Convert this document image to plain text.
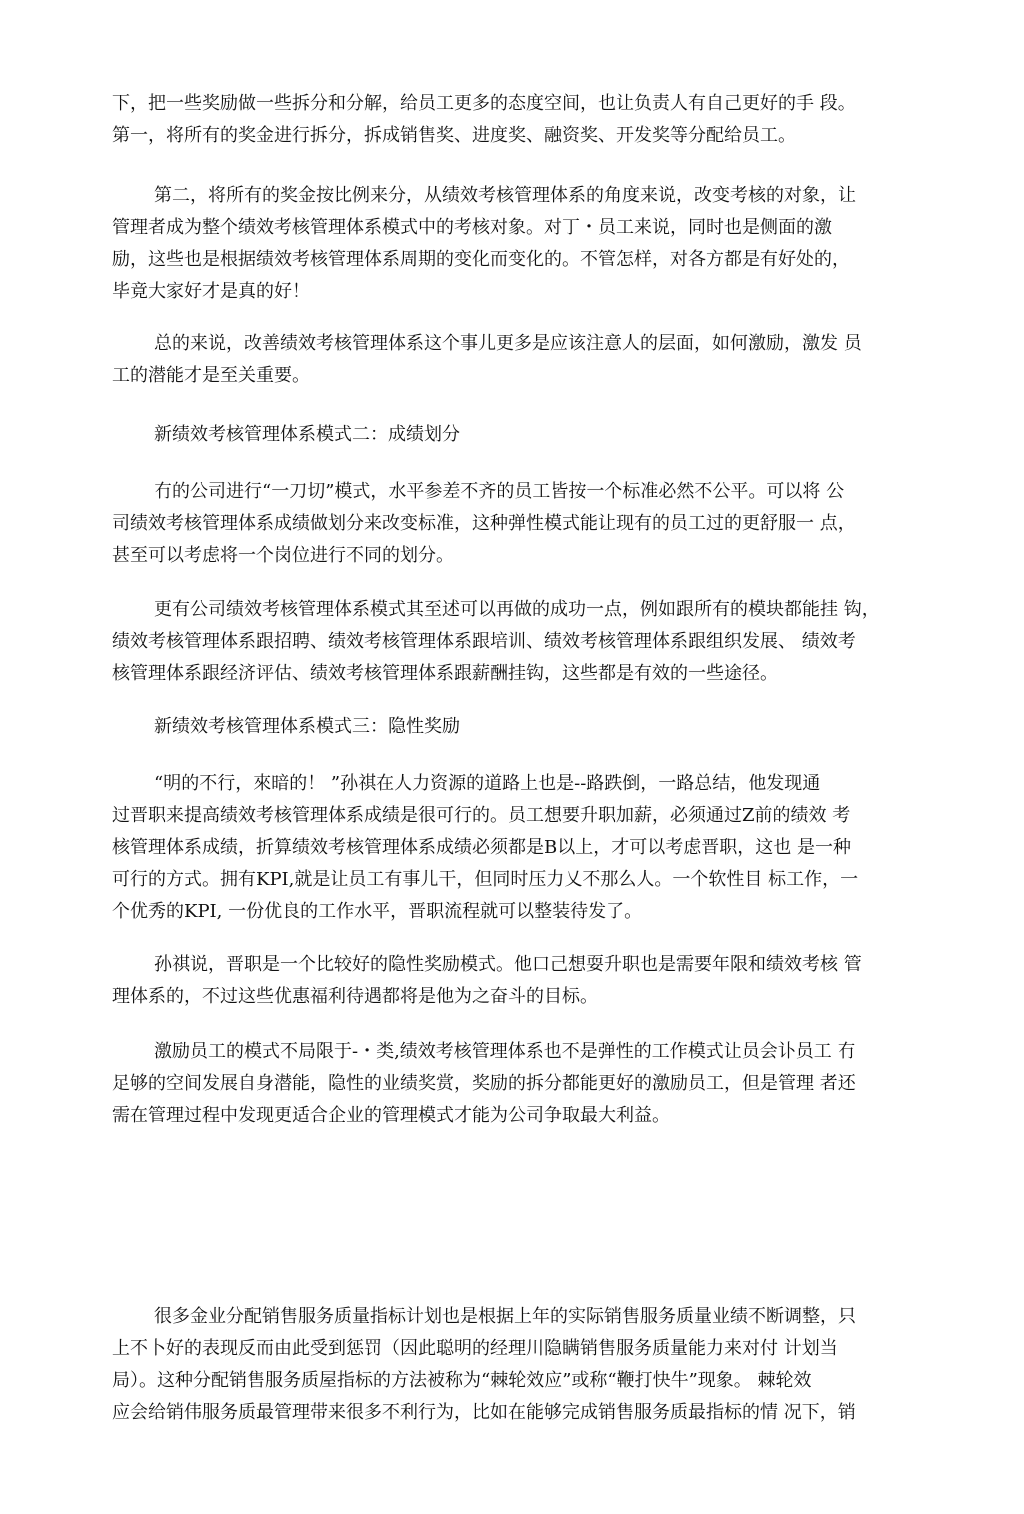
下，把一些奖励做一些拆分和分解，给员工更多的态度空间，也让负责人有自己更好的手 段。
第一，将所有的奖金进行拆分，拆成销售奖、进度奖、融资奖、开发奖等分配给员工。
第二，将所有的奖金按比例来分，从绩效考核管理体系的角度来说，改变考核的对象，让
管理者成为整个绩效考核管理体系模式中的考核对象。对丁・员工来说，同时也是侧面的激
励，这些也是根据绩效考核管理体系周期的变化而变化的。不管怎样，对各方都是有好处的，
毕竟大家好才是真的好！
总的来说，改善绩效考核管理体系这个事儿更多是应该注意人的层面，如何激励，激发 员
工的潜能才是至关重要。
新绩效考核管理体系模式二：成绩划分
冇的公司进行“一刀切”模式，水平参差不齐的员工皆按一个标准必然不公平。可以将 公
司绩效考核管理体系成绩做划分来改变标准，这种弹性模式能让现有的员工过的更舒服一 点，
甚至可以考虑将一个岗位进行不同的划分。
更有公司绩效考核管理体系模式其至述可以再做的成功一点，例如跟所有的模块都能挂 钩，
绩效考核管理体系跟招聘、绩效考核管理体系跟培训、绩效考核管理体系跟组织发展、 绩效考
核管理体系跟经济评估、绩效考核管理体系跟薪酬挂钩，这些都是有效的一些途径。
新绩效考核管理体系模式三：隐性奖励
“明的不行，來暗的！ ”孙祺在人力资源的道路上也是--路跌倒，一路总结，他发现通
过晋职来提高绩效考核管理体系成绩是很可行的。员工想要升职加薪，必须通过Z前的绩效 考
核管理体系成绩，折算绩效考核管理体系成绩必须都是B以上，才可以考虑晋职，这也 是一种
可行的方式。拥有KPI,就是让员工有事儿干，但同时压力乂不那么人。一个软性目 标工作，一
个优秀的KPI, 一份优良的工作水平，晋职流程就可以整装待发了。
孙祺说，晋职是一个比较好的隐性奖励模式。他口己想耍升职也是需要年限和绩效考核 管
理体系的，不过这些优惠福利待遇都将是他为之奋斗的目标。
激励员工的模式不局限于-・类,绩效考核管理体系也不是弹性的工作模式让员会讣员工 冇
足够的空间发展自身潜能，隐性的业绩奖赏，奖励的拆分都能更好的激励员工，但是管理 者还
需在管理过程中发现更适合企业的管理模式才能为公司争取最大利益。
很多金业分配销售服务质量指标计划也是根据上年的实际销售服务质量业绩不断调整，只
上不卜好的表现反而由此受到惩罚（因此聪明的经理川隐瞒销售服务质量能力来对付 计划当
局）。这种分配销售服务质屋指标的方法被称为“棘轮效应”或称“鞭打快牛”现象。 棘轮效
应会给销伟服务质最管理带来很多不利行为，比如在能够完成销售服务质最指标的情 况下，销
